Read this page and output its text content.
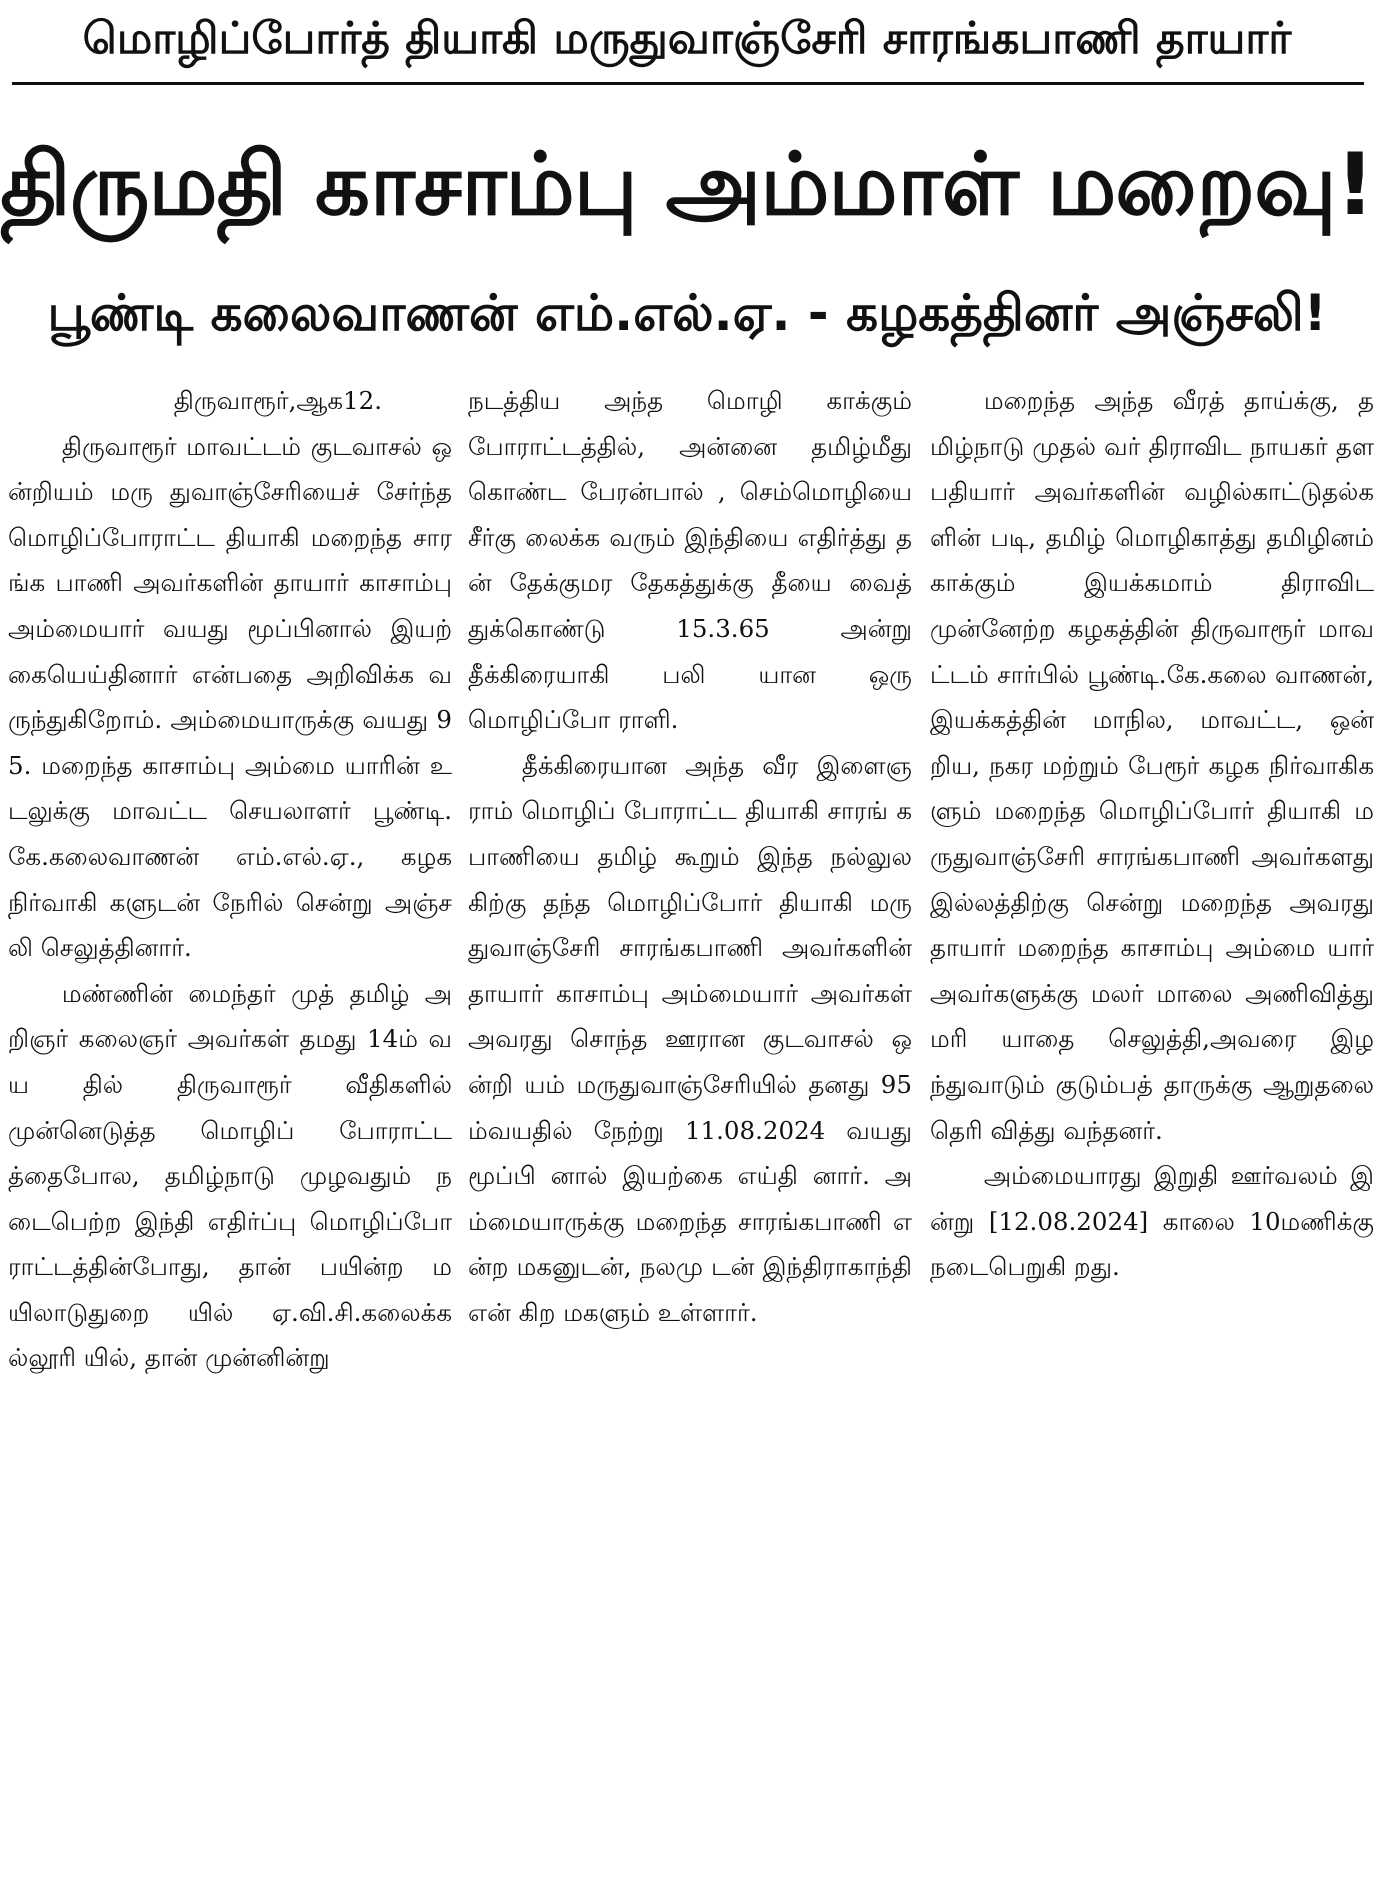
மொழிப்போர்த் தியாகி மருதுவாஞ்சேரி சாரங்கபாணி தாயார்
திருமதி காசாம்பு அம்மாள் மறைவு!
பூண்டி கலைவாணன் எம்.எல்.ஏ. - கழகத்தினர் அஞ்சலி!

திருவாரூர்,ஆக12.

திருவாரூர் மாவட்டம் குடவாசல் ஒன்றியம் மரு துவாஞ்சேரியைச் சேர்ந்த மொழிப்போராட்ட தியாகி மறைந்த சாரங்க பாணி அவர்களின் தாயார் காசாம்பு அம்மையார் வயது மூப்பினால் இயற் கையெய்தினார் என்பதை அறிவிக்க வருந்துகிறோம். அம்மையாருக்கு வயது 95. மறைந்த காசாம்பு அம்மை யாரின் உடலுக்கு மாவட்ட செயலாளர் பூண்டி. கே.கலைவாணன் எம்.எல்.ஏ., கழக நிர்வாகி களுடன் நேரில் சென்று அஞ்சலி செலுத்தினார்.

மண்ணின் மைந்தர் முத் தமிழ் அறிஞர் கலைஞர் அவர்கள் தமது 14ம் வய தில் திருவாரூர் வீதிகளில் முன்னெடுத்த மொழிப் போராட்டத்தைபோல, தமிழ்நாடு முழவதும் நடைபெற்ற இந்தி எதிர்ப்பு மொழிப்போ ராட்டத்தின்போது, தான் பயின்ற மயிலாடுதுறை யில் ஏ.வி.சி.கலைக்கல்லூரி யில், தான் முன்னின்று

நடத்திய அந்த மொழி காக்கும் போராட்டத்தில், அன்னை தமிழ்மீது கொண்ட பேரன்பால் , செம்மொழியை சீர்கு லைக்க வரும் இந்தியை எதிர்த்து தன் தேக்குமர தேகத்துக்கு தீயை வைத் துக்கொண்டு 15.3.65 அன்று தீக்கிரையாகி பலி யான ஒரு மொழிப்போ ராளி.

தீக்கிரையான அந்த வீர இளைஞராம் மொழிப் போராட்ட தியாகி சாரங் கபாணியை தமிழ் கூறும் இந்த நல்லுலகிற்கு தந்த மொழிப்போர் தியாகி மரு துவாஞ்சேரி சாரங்கபாணி அவர்களின் தாயார் காசாம்பு அம்மையார் அவர்கள் அவரது சொந்த ஊரான குடவாசல் ஒன்றி யம் மருதுவாஞ்சேரியில் தனது 95ம்வயதில் நேற்று 11.08.2024 வயது மூப்பி னால் இயற்கை எய்தி னார். அம்மையாருக்கு மறைந்த சாரங்கபாணி என்ற மகனுடன், நலமு டன் இந்திராகாந்தி என் கிற மகளும் உள்ளார்.

மறைந்த அந்த வீரத் தாய்க்கு, தமிழ்நாடு முதல் வர் திராவிட நாயகர் தளபதியார் அவர்களின் வழில்காட்டுதல்களின் படி, தமிழ் மொழிகாத்து தமிழினம் காக்கும் இயக்கமாம் திராவிட முன்னேற்ற கழகத்தின் திருவாரூர் மாவட்டம் சார்பில் பூண்டி.கே.கலை வாணன், இயக்கத்தின் மாநில, மாவட்ட, ஒன் றிய, நகர மற்றும் பேரூர் கழக நிர்வாகிகளும் மறைந்த மொழிப்போர் தியாகி மருதுவாஞ்சேரி சாரங்கபாணி அவர்களது இல்லத்திற்கு சென்று மறைந்த அவரது தாயார் மறைந்த காசாம்பு அம்மை யார் அவர்களுக்கு மலர் மாலை அணிவித்து மரி யாதை செலுத்தி,அவரை இழந்துவாடும் குடும்பத் தாருக்கு ஆறுதலை தெரி வித்து வந்தனர்.

அம்மையாரது இறுதி ஊர்வலம் இன்று [12.08.2024] காலை 10மணிக்கு நடைபெறுகி றது.
